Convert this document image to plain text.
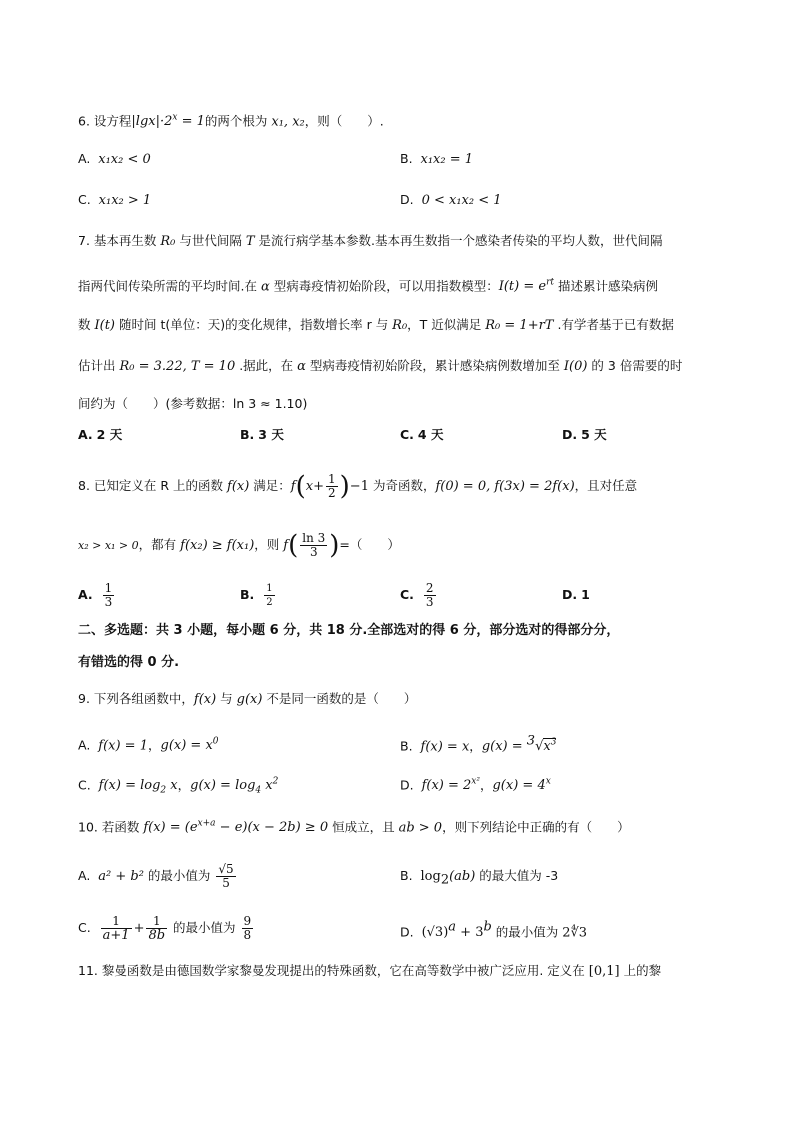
6. 设方程$|\lg x|\cdot 2^x = 1$的两个根为 x₁, x₂，则（　　）.
A. x₁x₂ < 0	B. x₁x₂ = 1
C. x₁x₂ > 1	D. 0 < x₁x₂ < 1
7. 基本再生数 R₀ 与世代间隔 T 是流行病学基本参数.基本再生数指一个感染者传染的平均人数，世代间隔
指两代间传染所需的平均时间.在 α 型病毒疫情初始阶段，可以用指数模型：$I(t) = e^{rt}$ 描述累计感染病例
数 I(t) 随时间 t(单位：天)的变化规律，指数增长率 r 与 R₀，T 近似满足 R₀ = 1+rT .有学者基于已有数据
估计出 R₀ = 3.22, T = 10 .据此，在 α 型病毒疫情初始阶段，累计感染病例数增加至 I(0) 的 3 倍需要的时
间约为（　　）(参考数据：ln 3 ≈ 1.10)
A. 2 天	B. 3 天	C. 4 天	D. 5 天
8. 已知定义在 R 上的函数 f(x) 满足：$f(x+ \frac{1}{2} )-1$ 为奇函数，f(0) = 0, f(3x) = 2f(x)，且对任意
x₂ > x₁ > 0，都有 f(x₂) ≥ f(x₁)，则 $f( \frac{\ln 3}{3}$ )=（　　）
A. $\frac{1}{3}$	B. $\frac{1}{2}$	C. $\frac{2}{3}$	D. 1
二、多选题：共 3 小题，每小题 6 分，共 18 分.全部选对的得 6 分，部分选对的得部分分，
有错选的得 0 分.
9. 下列各组函数中，f(x) 与 g(x) 不是同一函数的是（　　）
A. f(x) = 1，$g(x) = x^0$	B. f(x) = x，$g(x) = ^3√x^3$
C. $f(x) = \log_2 x$，$g(x) = \log_4 x^2$	D. $f(x) = 2^{x^2}$，$g(x) = 4^x$
10. 若函数 $f(x) = (e^{x+a} - e)(x - 2b) \ge 0$ 恒成立，且 ab > 0，则下列结论中正确的有（　　）
A. a² + b² 的最小值为 $\frac{√5}{5}$	B. $\log_2(ab)$ 的最大值为 -3
C. $\frac{1}{a+1} + \frac{1}{8b}$ 的最小值为 $\frac{9}{8}$	D. $(√3)^a + 3^b$ 的最小值为 2∜3
11. 黎曼函数是由德国数学家黎曼发现提出的特殊函数，它在高等数学中被广泛应用. 定义在 [0,1] 上的黎
